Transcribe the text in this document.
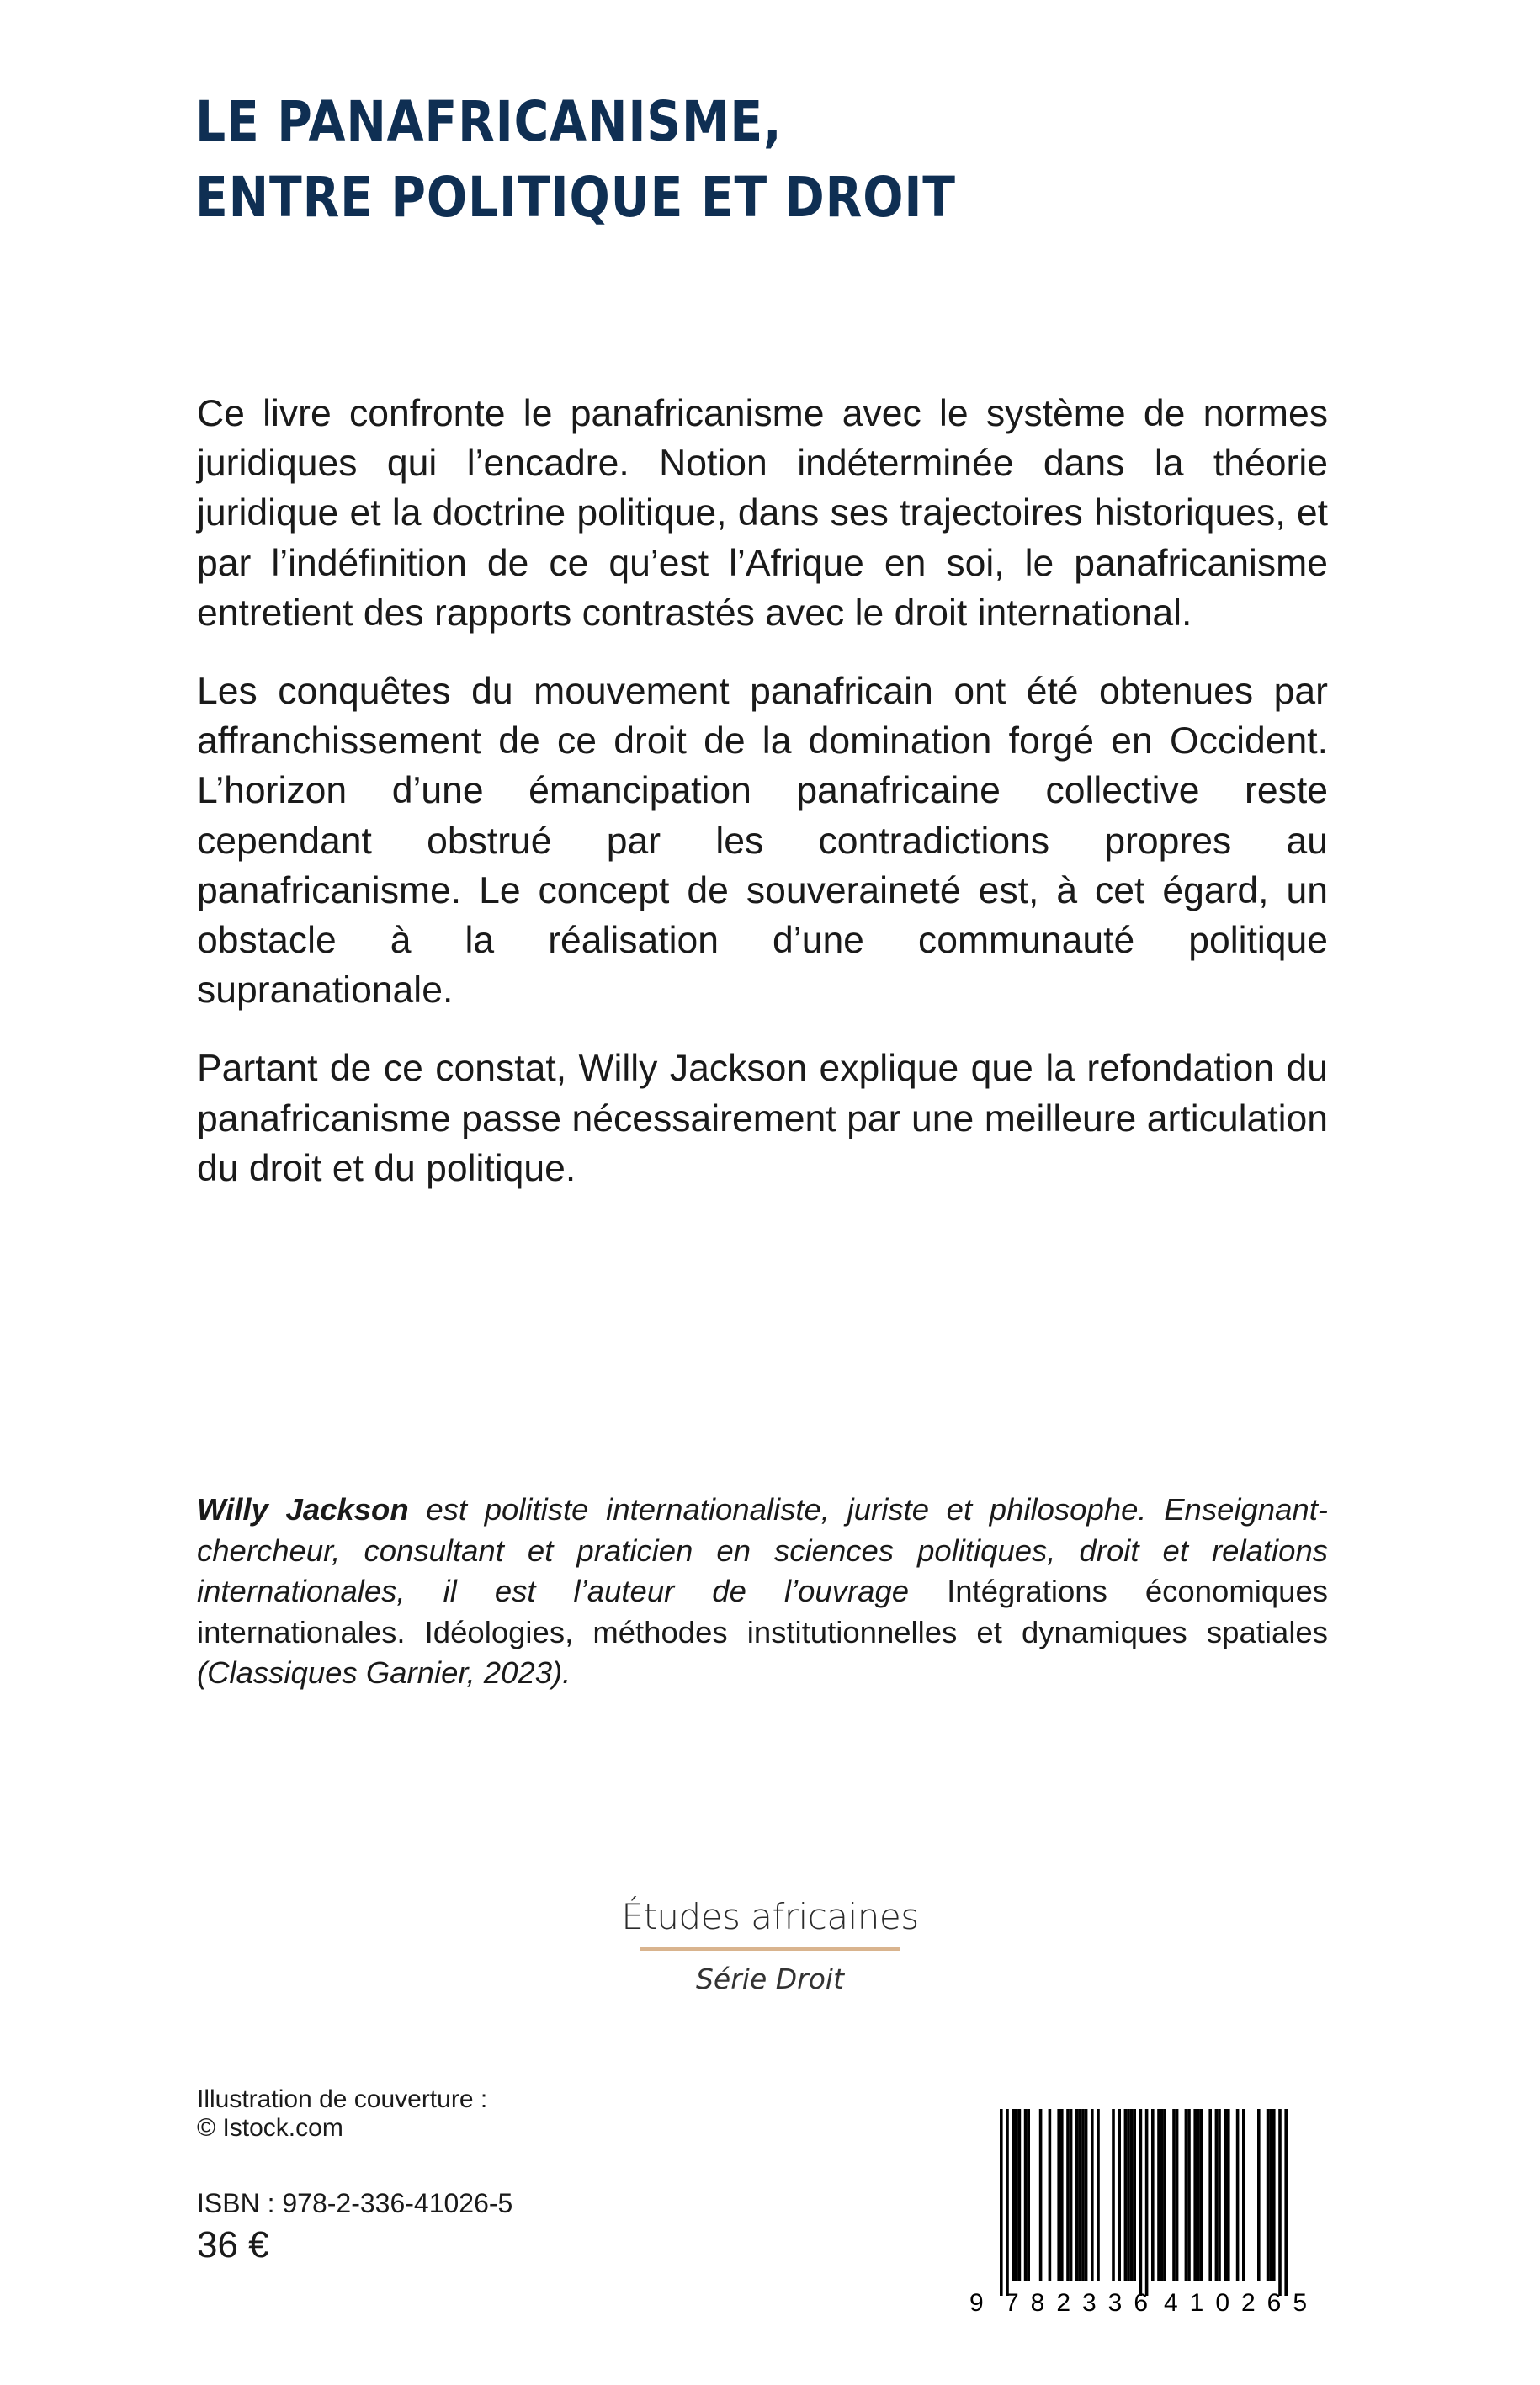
LE PANAFRICANISME,
ENTRE POLITIQUE ET DROIT

Ce livre confronte le panafricanisme avec le système de normes juridiques qui l’encadre. Notion indéterminée dans la théorie juridique et la doctrine politique, dans ses trajectoires historiques, et par l’indéfinition de ce qu’est l’Afrique en soi, le panafricanisme entretient des rapports contrastés avec le droit international.

Les conquêtes du mouvement panafricain ont été obtenues par affranchissement de ce droit de la domination forgé en Occident. L’horizon d’une émancipation panafricaine collective reste cependant obstrué par les contradictions propres au panafricanisme. Le concept de souveraineté est, à cet égard, un obstacle à la réalisation d’une communauté politique supranationale.

Partant de ce constat, Willy Jackson explique que la refondation du panafricanisme passe nécessairement par une meilleure articulation du droit et du politique.

Willy Jackson est politiste internationaliste, juriste et philosophe. Enseignant-chercheur, consultant et praticien en sciences politiques, droit et relations internationales, il est l’auteur de l’ouvrage Intégrations économiques internationales. Idéologies, méthodes institutionnelles et dynamiques spatiales (Classiques Garnier, 2023).

Études africaines
Série Droit
Illustration de couverture :
© Istock.com
ISBN : 978-2-336-41026-5
36 €
9 782336 410265
